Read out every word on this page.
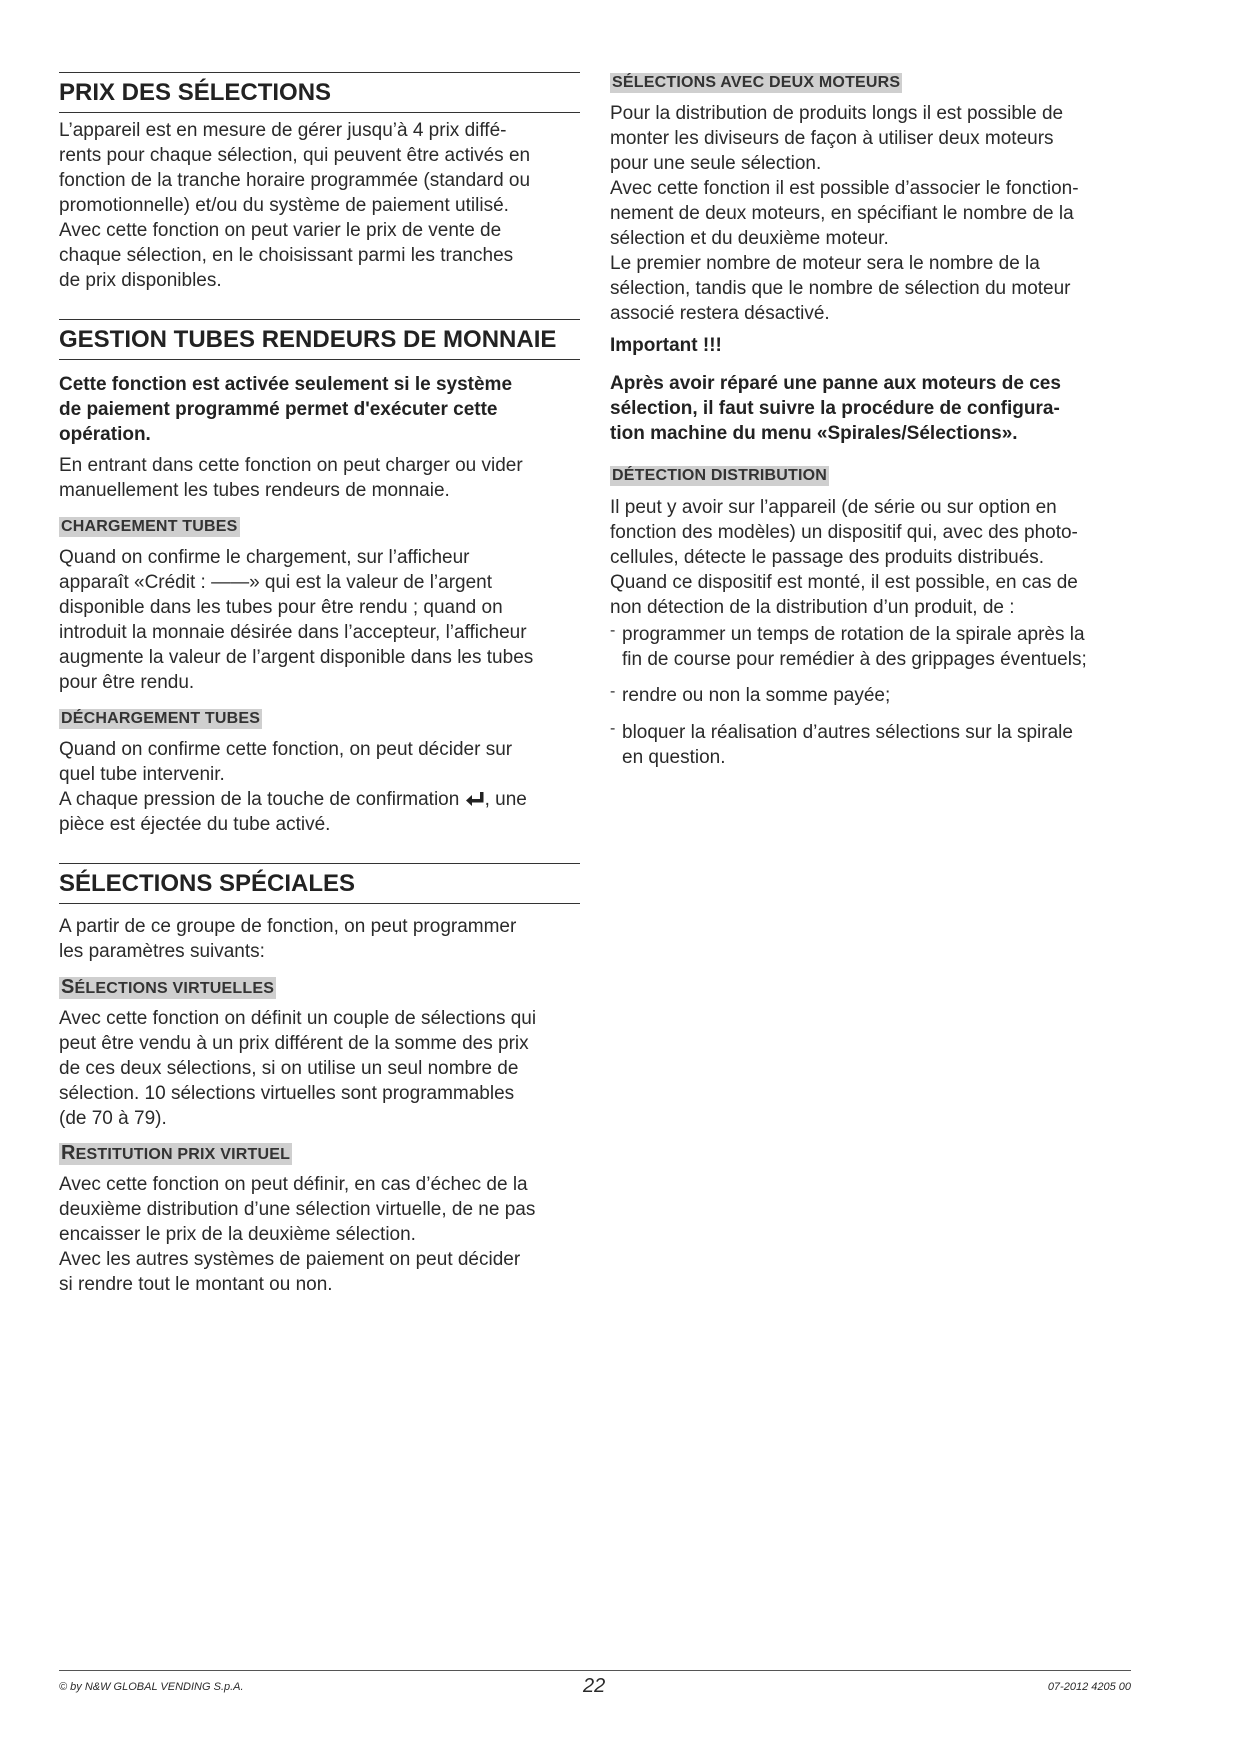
PRIX DES SÉLECTIONS

L’appareil est en mesure de gérer jusqu’à 4 prix diffé-

rents pour chaque sélection, qui peuvent être activés en

fonction de la tranche horaire programmée (standard ou

promotionnelle) et/ou du système de paiement utilisé.

Avec cette fonction on peut varier le prix de vente de

chaque sélection, en le choisissant parmi les tranches

de prix disponibles.

GESTION TUBES RENDEURS DE MONNAIE

Cette fonction est activée seulement si le système

de paiement programmé permet d'exécuter cette

opération.

En entrant dans cette fonction on peut charger ou vider

manuellement les tubes rendeurs de monnaie.

CHARGEMENT TUBES

Quand on confirme le chargement, sur l’afficheur

apparaît «Crédit : ——» qui est la valeur de l’argent

disponible dans les tubes pour être rendu ; quand on

introduit la monnaie désirée dans l’accepteur, l’afficheur

augmente la valeur de l’argent disponible dans les tubes

pour être rendu.

DÉCHARGEMENT TUBES

Quand on confirme cette fonction, on peut décider sur

quel tube intervenir.

A chaque pression de la touche de confirmation , une

pièce est éjectée du tube activé.

SÉLECTIONS SPÉCIALES

A partir de ce groupe de fonction, on peut programmer

les paramètres suivants:

SÉLECTIONS VIRTUELLES

Avec cette fonction on définit un couple de sélections qui

peut être vendu à un prix différent de la somme des prix

de ces deux sélections, si on utilise un seul nombre de

sélection. 10 sélections virtuelles sont programmables

(de 70 à 79).

RESTITUTION PRIX VIRTUEL

Avec cette fonction on peut définir, en cas d’échec de la

deuxième distribution d’une sélection virtuelle, de ne pas

encaisser le prix de la deuxième sélection.

Avec les autres systèmes de paiement on peut décider

si rendre tout le montant ou non.

SÉLECTIONS AVEC DEUX MOTEURS

Pour la distribution de produits longs il est possible de

monter les diviseurs de façon à utiliser deux moteurs

pour une seule sélection.

Avec cette fonction il est possible d’associer le fonction-

nement de deux moteurs, en spécifiant le nombre de la

sélection et du deuxième moteur.

Le premier nombre de moteur sera le nombre de la

sélection, tandis que le nombre de sélection du moteur

associé restera désactivé.

Important !!!

Après avoir réparé une panne aux moteurs de ces

sélection, il faut suivre la procédure de configura-

tion machine du menu «Spirales/Sélections».

DÉTECTION DISTRIBUTION

Il peut y avoir sur l’appareil (de série ou sur option en

fonction des modèles) un dispositif qui, avec des photo-

cellules, détecte le passage des produits distribués.

Quand ce dispositif est monté, il est possible, en cas de

non détection de la distribution d’un produit, de :

- programmer un temps de rotation de la spirale après la

fin de course pour remédier à des grippages éventuels;

- rendre ou non la somme payée;

- bloquer la réalisation d’autres sélections sur la spirale

en question.

© by N&W GLOBAL VENDING S.p.A.	22	07-2012 4205 00
